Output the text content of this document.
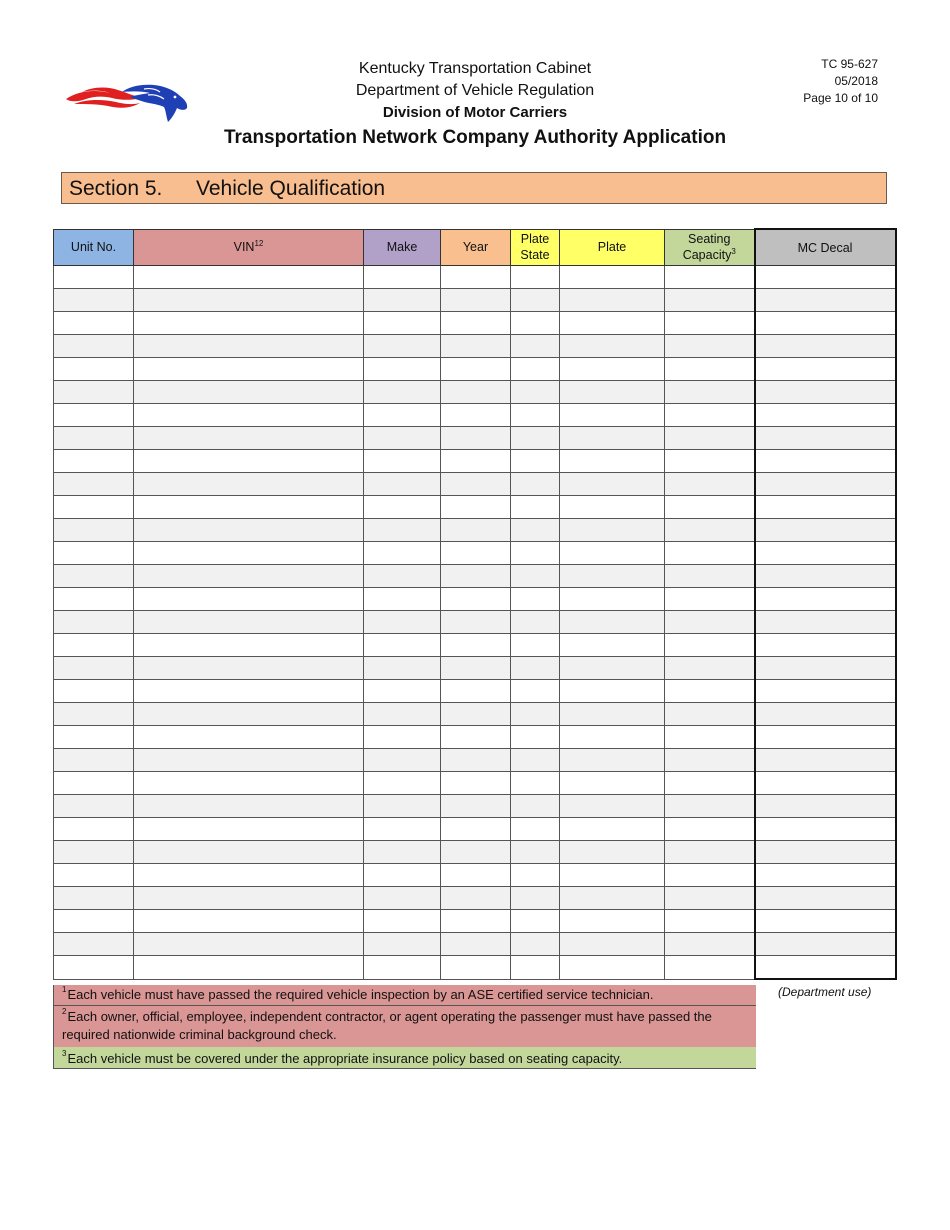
Kentucky Transportation Cabinet
Department of Vehicle Regulation
Division of Motor Carriers
Transportation Network Company Authority Application
TC 95-627
05/2018
Page 10 of 10
Section 5. Vehicle Qualification
Unit No.	VIN$^{12}$	Make	Year	Plate State	Plate	Seating Capacity$^3$	MC Decal

$^1$Each vehicle must have passed the required vehicle inspection by an ASE certified service technician.
$^2$Each owner, official, employee, independent contractor, or agent operating the passenger must have passed the required nationwide criminal background check.
$^3$Each vehicle must be covered under the appropriate insurance policy based on seating capacity.
(Department use)
